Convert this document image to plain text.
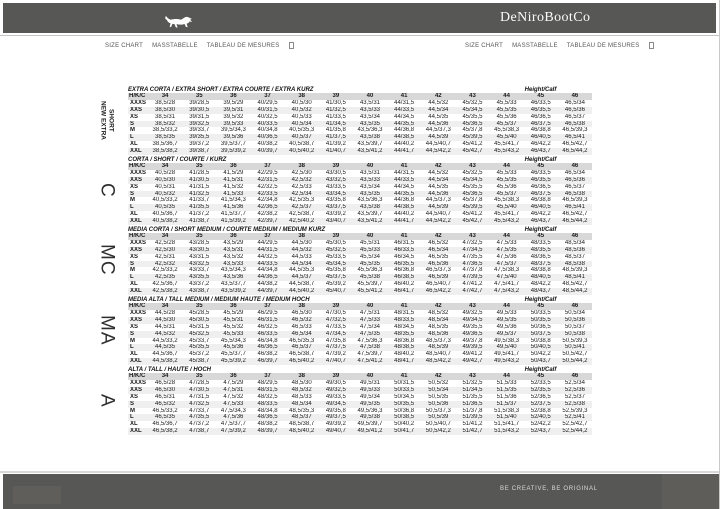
DeNiroBootCo
SIZE CHART MASSTABELLE TABLEAU DE MESURES	SIZE CHART MASSTABELLE TABLEAU DE MESURES
NEW EXTRA SHORT
C
MC
MA
A
EXTRA CORTA / EXTRA SHORT / EXTRA COURTE / EXTRA KURZ	Height/Calf
H/K/C	34	35	36	37	38	39	40	41	42	43	44	45	46
XXXS	38,5/28	39/28,5	39,5/29	40/29,5	40,5/30	41/30,5	43,5/31	44/31,5	44,5/32	45/32,5	45,5/33	46/33,5	46,5/34
XXS	38,5/30	39/30,5	39,5/31	40/31,5	40,5/32	41/32,5	43,5/33	44/33,5	44,5/34	45/34,5	45,5/35	46/35,5	46,5/36
XS	38,5/31	39/31,5	39,5/32	40/32,5	40,5/33	41/33,5	43,5/34	44/34,5	44,5/35	45/35,5	45,5/36	46/36,5	46,5/37
S	38,5/32	39/32,5	39,5/33	40/33,5	40,5/34	41/34,5	43,5/35	44/35,5	44,5/36	45/36,5	45,5/37	46/37,5	46,5/38
M	38,5/33,2	39/33,7	39,5/34,3	40/34,8	40,5/35,3	41/35,8	43,5/36,3	44/36,8	44,5/37,3	45/37,8	45,5/38,3	46/38,8	46,5/39,3
L	38,5/35	39/35,5	39,5/36	40/36,5	40,5/37	41/37,5	43,5/38	44/38,5	44,5/39	45/39,5	45,5/40	46/40,5	46,5/41
XL	38,5/36,7	39/37,2	39,5/37,7	40/38,2	40,5/38,7	41/39,2	43,5/39,7	44/40,2	44,5/40,7	45/41,2	45,5/41,7	46/42,2	46,5/42,7
XXL	38,5/38,2	39/38,7	39,5/39,2	40/39,7	40,5/40,2	41/40,7	43,5/41,2	44/41,7	44,5/42,2	45/42,7	45,5/43,2	46/43,7	46,5/44,2
CORTA / SHORT / COURTE / KURZ	Height/Calf
H/K/C	34	35	36	37	38	39	40	41	42	43	44	45	46
XXXS	40,5/28	41/28,5	41,5/29	42/29,5	42,5/30	43/30,5	43,5/31	44/31,5	44,5/32	45/32,5	45,5/33	46/33,5	46,5/34
XXS	40,5/30	41/30,5	41,5/31	42/31,5	42,5/32	43/32,5	43,5/33	44/33,5	44,5/34	45/34,5	45,5/35	46/35,5	46,5/36
XS	40,5/31	41/31,5	41,5/32	42/32,5	42,5/33	43/33,5	43,5/34	44/34,5	44,5/35	45/35,5	45,5/36	46/36,5	46,5/37
S	40,5/32	41/32,5	41,5/33	42/33,5	42,5/34	43/34,5	43,5/35	44/35,5	44,5/36	45/36,5	45,5/37	46/37,5	46,5/38
M	40,5/33,2	41/33,7	41,5/34,3	42/34,8	42,5/35,3	43/35,8	43,5/36,3	44/36,8	44,5/37,3	45/37,8	45,5/38,3	46/38,8	46,5/39,3
L	40,5/35	41/35,5	41,5/36	42/36,5	42,5/37	43/37,5	43,5/38	44/38,5	44,5/39	45/39,5	45,5/40	46/40,5	46,5/41
XL	40,5/36,7	41/37,2	41,5/37,7	42/38,2	42,5/38,7	43/39,2	43,5/39,7	44/40,2	44,5/40,7	45/41,2	45,5/41,7	46/42,2	46,5/42,7
XXL	40,5/38,2	41/38,7	41,5/39,2	42/39,7	42,5/40,2	43/40,7	43,5/41,2	44/41,7	44,5/42,2	45/42,7	45,5/43,2	46/43,7	46,5/44,2
MEDIA CORTA / SHORT MEDIUM / COURTE MEDIUM / MEDIUM KURZ	Height/Calf
H/K/C	34	35	36	37	38	39	40	41	42	43	44	45	46
XXXS	42,5/28	43/28,5	43,5/29	44/29,5	44,5/30	45/30,5	45,5/31	46/31,5	46,5/32	47/32,5	47,5/33	48/33,5	48,5/34
XXS	42,5/30	43/30,5	43,5/31	44/31,5	44,5/32	45/32,5	45,5/33	46/33,5	46,5/34	47/34,5	47,5/35	48/35,5	48,5/36
XS	42,5/31	43/31,5	43,5/32	44/32,5	44,5/33	45/33,5	45,5/34	46/34,5	46,5/35	47/35,5	47,5/36	48/36,5	48,5/37
S	42,5/32	43/32,5	43,5/33	44/33,5	44,5/34	45/34,5	45,5/35	46/35,5	46,5/36	47/36,5	47,5/37	48/37,5	48,5/38
M	42,5/33,2	43/33,7	43,5/34,3	44/34,8	44,5/35,3	45/35,8	45,5/36,3	46/36,8	46,5/37,3	47/37,8	47,5/38,3	48/38,8	48,5/39,3
L	42,5/35	43/35,5	43,5/36	44/36,5	44,5/37	45/37,5	45,5/38	46/38,5	46,5/39	47/39,5	47,5/40	48/40,5	48,5/41
XL	42,5/36,7	43/37,2	43,5/37,7	44/38,2	44,5/38,7	45/39,2	45,5/39,7	46/40,2	46,5/40,7	47/41,2	47,5/41,7	48/42,2	48,5/42,7
XXL	42,5/38,2	43/38,7	43,5/39,2	44/39,7	44,5/40,2	45/40,7	45,5/41,2	46/41,7	46,5/42,2	47/42,7	47,5/43,2	48/43,7	48,5/44,2
MEDIA ALTA / TALL MEDIUM / MEDIUM HAUTE / MEDIUM HOCH	Height/Calf
H/K/C	34	35	36	37	38	39	40	41	42	43	44	45	46
XXXS	44,5/28	45/28,5	45,5/29	46/29,5	46,5/30	47/30,5	47,5/31	48/31,5	48,5/32	49/32,5	49,5/33	50/33,5	50,5/34
XXS	44,5/30	45/30,5	45,5/31	46/31,5	46,5/32	47/32,5	47,5/33	48/33,5	48,5/34	49/34,5	49,5/35	50/35,5	50,5/36
XS	44,5/31	45/31,5	45,5/32	46/32,5	46,5/33	47/33,5	47,5/34	48/34,5	48,5/35	49/35,5	49,5/36	50/36,5	50,5/37
S	44,5/32	45/32,5	45,5/33	46/33,5	46,5/34	47/34,5	47,5/35	48/35,5	48,5/36	49/36,5	49,5/37	50/37,5	50,5/38
M	44,5/33,2	45/33,7	45,5/34,3	46/34,8	46,5/35,3	47/35,8	47,5/36,3	48/36,8	48,5/37,3	49/37,8	49,5/38,3	50/38,8	50,5/39,3
L	44,5/35	45/35,5	45,5/36	46/36,5	46,5/37	47/37,5	47,5/38	48/38,5	48,5/39	49/39,5	49,5/40	50/40,5	50,5/41
XL	44,5/36,7	45/37,2	45,5/37,7	46/38,2	46,5/38,7	47/39,2	47,5/39,7	48/40,2	48,5/40,7	49/41,2	49,5/41,7	50/42,2	50,5/42,7
XXL	44,5/38,2	45/38,7	45,5/39,2	46/39,7	46,5/40,2	47/40,7	47,5/41,2	48/41,7	48,5/42,2	49/42,7	49,5/43,2	50/43,7	50,5/44,2
ALTA / TALL / HAUTE / HOCH	Height/Calf
H/K/C	34	35	36	37	38	39	40	41	42	43	44	45	46
XXXS	46,5/28	47/28,5	47,5/29	48/29,5	48,5/30	49/30,5	49,5/31	50/31,5	50,5/32	51/32,5	51,5/33	52/33,5	52,5/34
XXS	46,5/30	47/30,5	47,5/31	48/31,5	48,5/32	49/32,5	49,5/33	50/33,5	50,5/34	51/34,5	51,5/35	52/35,5	52,5/36
XS	46,5/31	47/31,5	47,5/32	48/32,5	48,5/33	49/33,5	49,5/34	50/34,5	50,5/35	51/35,5	51,5/36	52/36,5	52,5/37
S	46,5/32	47/32,5	47,5/33	48/33,5	48,5/34	49/34,5	49,5/35	50/35,5	50,5/36	51/36,5	51,5/37	52/37,5	52,5/38
M	46,5/33,2	47/33,7	47,5/34,3	48/34,8	48,5/35,3	49/35,8	49,5/36,3	50/36,8	50,5/37,3	51/37,8	51,5/38,3	52/38,8	52,5/39,3
L	46,5/35	47/35,5	47,5/36	48/36,5	48,5/37	49/37,5	49,5/38	50/38,5	50,5/39	51/39,5	51,5/40	52/40,5	52,5/41
XL	46,5/36,7	47/37,2	47,5/37,7	48/38,2	48,5/38,7	49/39,2	49,5/39,7	50/40,2	50,5/40,7	51/41,2	51,5/41,7	52/42,2	52,5/42,7
XXL	46,5/38,2	47/38,7	47,5/39,2	48/39,7	48,5/40,2	49/40,7	49,5/41,2	50/41,7	50,5/42,2	51/42,7	51,5/43,2	52/43,7	52,5/44,2
BE CREATIVE, BE ORIGINAL
